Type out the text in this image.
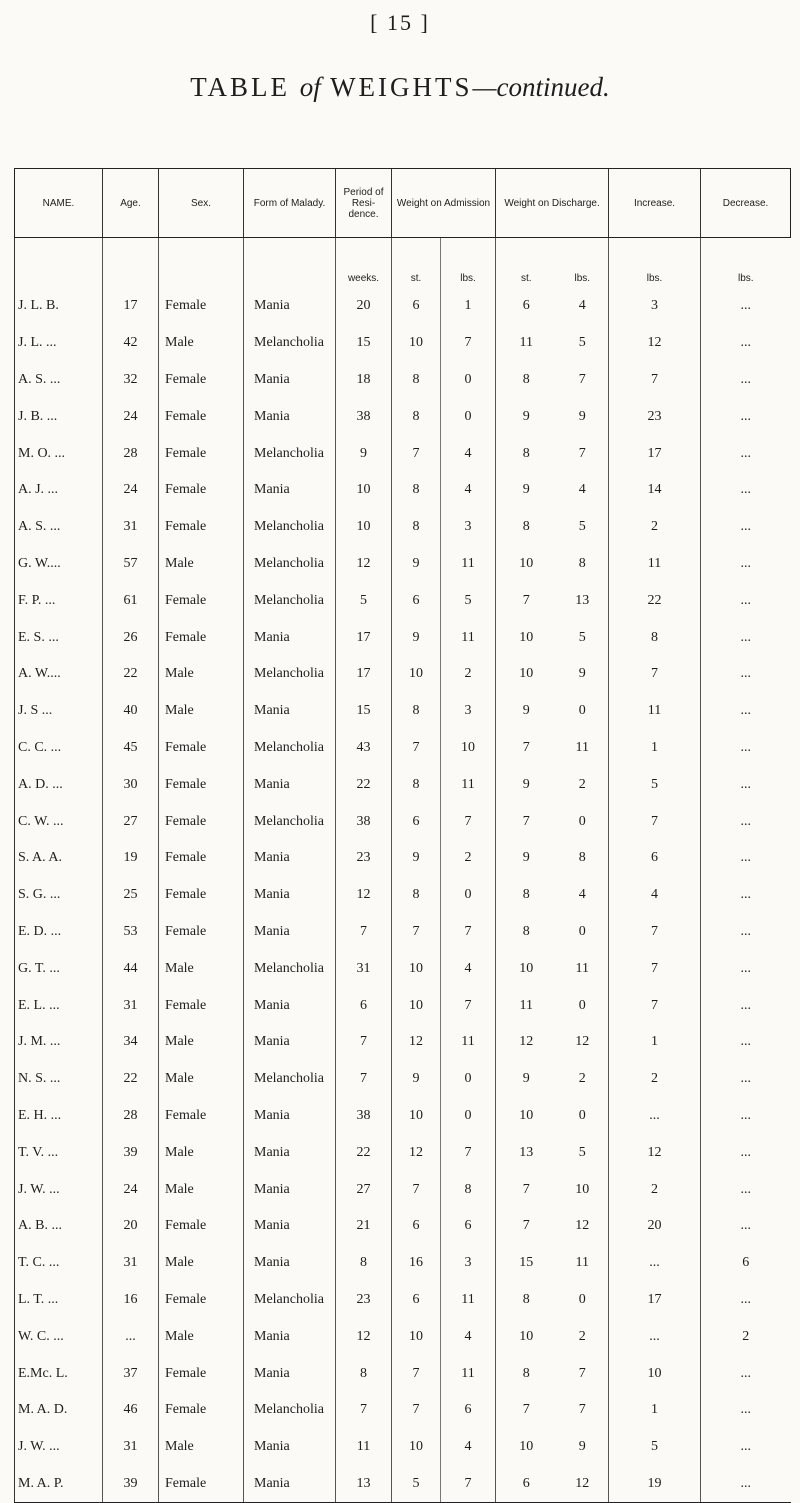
[ 15 ]
TABLE of WEIGHTS—continued.
NAME.	Age.	Sex.	Form of Malady.	Period of Resi-dence.	Weight on Admission		Weight on Discharge.		Increase.	Decrease.
				weeks.	st.	lbs.	st.	lbs.	lbs.	lbs.
J. L. B.	17	Female	Mania	20	6	1	6	4	3	...
J. L. ...	42	Male	Melancholia	15	10	7	11	5	12	...
A. S. ...	32	Female	Mania	18	8	0	8	7	7	...
J. B. ...	24	Female	Mania	38	8	0	9	9	23	...
M. O. ...	28	Female	Melancholia	9	7	4	8	7	17	...
A. J. ...	24	Female	Mania	10	8	4	9	4	14	...
A. S. ...	31	Female	Melancholia	10	8	3	8	5	2	...
G. W....	57	Male	Melancholia	12	9	11	10	8	11	...
F. P. ...	61	Female	Melancholia	5	6	5	7	13	22	...
E. S. ...	26	Female	Mania	17	9	11	10	5	8	...
A. W....	22	Male	Melancholia	17	10	2	10	9	7	...
J. S ...	40	Male	Mania	15	8	3	9	0	11	...
C. C. ...	45	Female	Melancholia	43	7	10	7	11	1	...
A. D. ...	30	Female	Mania	22	8	11	9	2	5	...
C. W. ...	27	Female	Melancholia	38	6	7	7	0	7	...
S. A. A.	19	Female	Mania	23	9	2	9	8	6	...
S. G. ...	25	Female	Mania	12	8	0	8	4	4	...
E. D. ...	53	Female	Mania	7	7	7	8	0	7	...
G. T. ...	44	Male	Melancholia	31	10	4	10	11	7	...
E. L. ...	31	Female	Mania	6	10	7	11	0	7	...
J. M. ...	34	Male	Mania	7	12	11	12	12	1	...
N. S. ...	22	Male	Melancholia	7	9	0	9	2	2	...
E. H. ...	28	Female	Mania	38	10	0	10	0	...	...
T. V. ...	39	Male	Mania	22	12	7	13	5	12	...
J. W. ...	24	Male	Mania	27	7	8	7	10	2	...
A. B. ...	20	Female	Mania	21	6	6	7	12	20	...
T. C. ...	31	Male	Mania	8	16	3	15	11	...	6
L. T. ...	16	Female	Melancholia	23	6	11	8	0	17	...
W. C. ...	...	Male	Mania	12	10	4	10	2	...	2
E.Mc. L.	37	Female	Mania	8	7	11	8	7	10	...
M. A. D.	46	Female	Melancholia	7	7	6	7	7	1	...
J. W. ...	31	Male	Mania	11	10	4	10	9	5	...
M. A. P.	39	Female	Mania	13	5	7	6	12	19	...
